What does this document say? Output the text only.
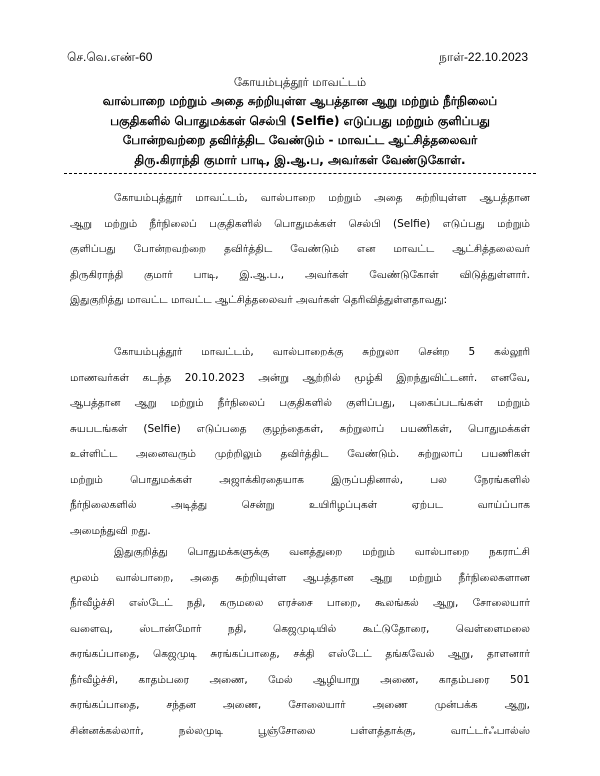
செ.வெ.எண்-60	நாள்-22.10.2023
கோயம்புத்தூர் மாவட்டம்
வால்பாறை மற்றும் அதை சுற்றியுள்ள ஆபத்தான ஆறு மற்றும் நீர்நிலைப்
பகுதிகளில் பொதுமக்கள் செல்பி (Selfie) எடுப்பது மற்றும் குளிப்பது
போன்றவற்றை தவிர்த்திட வேண்டும் - மாவட்ட ஆட்சித்தலைவர்
திரு.கிராந்தி குமார் பாடி, இ.ஆ.ப, அவர்கள் வேண்டுகோள்.
கோயம்புத்தூர் மாவட்டம், வால்பாறை மற்றும் அதை சுற்றியுள்ள ஆபத்தான
ஆறு மற்றும் நீர்நிலைப் பகுதிகளில் பொதுமக்கள் செல்பி (Selfie) எடுப்பது மற்றும்
குளிப்பது போன்றவற்றை தவிர்த்திட வேண்டும் என மாவட்ட ஆட்சித்தலைவர்
திருகிராந்தி குமார் பாடி, இ.ஆ.ப., அவர்கள் வேண்டுகோள் விடுத்துள்ளார்.
இதுகுறித்து மாவட்ட மாவட்ட ஆட்சித்தலைவர் அவர்கள் தெரிவித்துள்ளதாவது:
கோயம்புத்தூர் மாவட்டம், வால்பாறைக்கு சுற்றுலா சென்ற 5 கல்லூரி
மாணவர்கள் கடந்த 20.10.2023 அன்று ஆற்றில் மூழ்கி இறந்துவிட்டனர். எனவே,
ஆபத்தான ஆறு மற்றும் நீர்நிலைப் பகுதிகளில் குளிப்பது, புகைப்படங்கள் மற்றும்
சுயபடங்கள் (Selfie) எடுப்பதை குழந்தைகள், சுற்றுலாப் பயணிகள், பொதுமக்கள்
உள்ளிட்ட அனைவரும் முற்றிலும் தவிர்த்திட வேண்டும். சுற்றுலாப் பயணிகள்
மற்றும் பொதுமக்கள் அஜாக்கிரதையாக இருப்பதினால், பல நேரங்களில்
நீர்நிலைகளில் அடித்து சென்று உயிரிழப்புகள் ஏற்பட வாய்ப்பாக
அமைந்துவி றது.
இதுகுறித்து பொதுமக்களுக்கு வனத்துறை மற்றும் வால்பாறை நகராட்சி
மூலம் வால்பாறை, அதை சுற்றியுள்ள ஆபத்தான ஆறு மற்றும் நீர்நிலைகளான
நீர்வீழ்ச்சி எஸ்டேட் நதி, கருமலை எரச்சை பாறை, கூலங்கல் ஆறு, சோலையார்
வளைவு, ஸ்டான்மோர் நதி, கெஜமுடியில் கூட்டுதோரை, வெள்ளைமலை
சுரங்கப்பாதை, கெஜமுடி சுரங்கப்பாதை, சக்தி எஸ்டேட் தங்கவேல் ஆறு, தாளனார்
நீர்வீழ்ச்சி, காதம்பரை அணை, மேல் ஆழியாறு அணை, காதம்பரை 501
சுரங்கப்பாதை, சந்தன அணை, சோலையார் அணை முன்பக்க ஆறு,
சின்னக்கல்லார், நல்லமுடி பூஞ்சோலை பள்ளத்தாக்கு, வாட்டர்ஃபால்ஸ்
